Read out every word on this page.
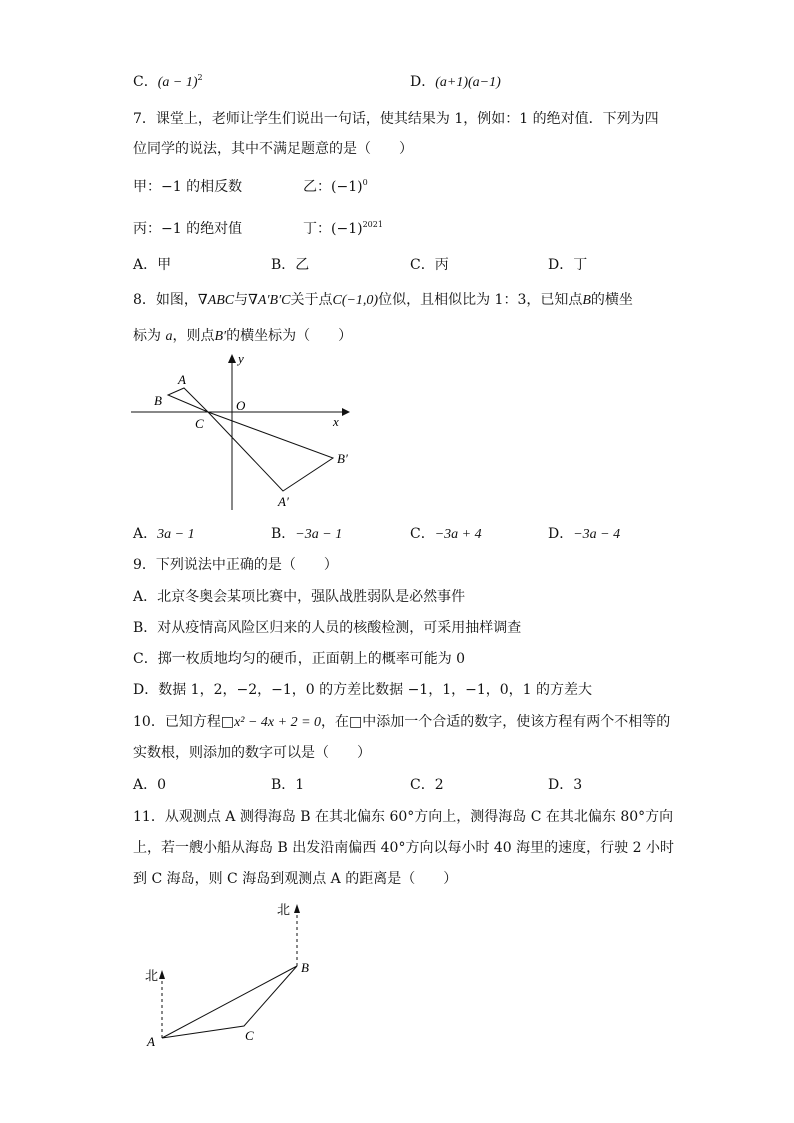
C．$(a - 1)^2$	D．(a+1)(a−1)
7．课堂上，老师让学生们说出一句话，使其结果为 1，例如：1 的绝对值．下列为四
位同学的说法，其中不满足题意的是（　　）
甲：−1 的相反数	乙：$(-1)^0$
丙：−1 的绝对值	丁：$(-1)^{2021}$
A．甲	B．乙	C．丙	D．丁
8．如图，∇ABC与∇A′B′C关于点C(−1,0)位似，且相似比为 1：3，已知点B的横坐
标为 a，则点B′的横坐标为（　　）
y
x
O
A
B
C
B′
A′
A．3a − 1	B．−3a − 1	C．−3a + 4	D．−3a − 4
9．下列说法中正确的是（　　）
A．北京冬奥会某项比赛中，强队战胜弱队是必然事件
B．对从疫情高风险区归来的人员的核酸检测，可采用抽样调查
C．掷一枚质地均匀的硬币，正面朝上的概率可能为 0
D．数据 1，2，−2，−1，0 的方差比数据 −1，1，−1，0，1 的方差大
10．已知方程□x² − 4x + 2 = 0，在□中添加一个合适的数字，使该方程有两个不相等的
实数根，则添加的数字可以是（　　）
A．0	B．1	C．2	D．3
11．从观测点 A 测得海岛 B 在其北偏东 60°方向上，测得海岛 C 在其北偏东 80°方向
上，若一艘小船从海岛 B 出发沿南偏西 40°方向以每小时 40 海里的速度，行驶 2 小时
到 C 海岛，则 C 海岛到观测点 A 的距离是（　　）
北
北
A
B
C
